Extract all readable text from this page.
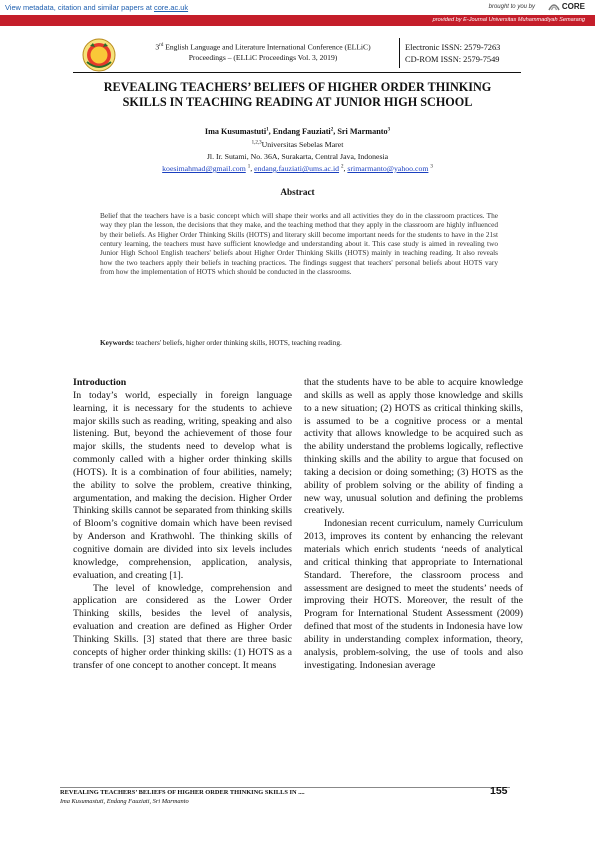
View metadata, citation and similar papers at core.ac.uk	brought to you by	CORE
provided by E-Journal Universitas Muhammadiyah Semarang
3rd English Language and Literature International Conference (ELLiC)
Proceedings – (ELLiC Proceedings Vol. 3, 2019)
Electronic ISSN: 2579-7263
CD-ROM ISSN: 2579-7549
REVEALING TEACHERS’ BELIEFS OF HIGHER ORDER THINKING
SKILLS IN TEACHING READING AT JUNIOR HIGH SCHOOL
Ima Kusumastuti$^1$, Endang Fauziati$^2$, Sri Marmanto$^3$
$^{1,2,3}$Universitas Sebelas Maret
Jl. Ir. Sutami, No. 36A, Surakarta, Central Java, Indonesia
koesimahmad@gmail.com $^1$, endang.fauziati@ums.ac.id $^2$, srimarmanto@yahoo.com $^3$
Abstract
Belief that the teachers have is a basic concept which will shape their works and all activities they do in the classroom practices. The way they plan the lesson, the decisions that they make, and the teaching method that they apply in the classroom are highly influenced by their beliefs. As Higher Order Thinking Skills (HOTS) and literary skill become important needs for the students to have in the 21st century learning, the teachers must have sufficient knowledge and understanding about it. This case study is aimed in revealing two Junior High School English teachers' beliefs about Higher Order Thinking Skills (HOTS) mainly in teaching reading. It also reveals how the two teachers apply their beliefs in teaching practices. The findings suggest that teachers' personal beliefs about HOTS vary from how the implementation of HOTS which should be conducted in the classrooms.
Keywords: teachers' beliefs, higher order thinking skills, HOTS, teaching reading.
Introduction

In today’s world, especially in foreign language learning, it is necessary for the students to achieve major skills such as reading, writing, speaking and also listening. But, beyond the achievement of those four major skills, the students need to develop what is commonly called with a higher order thinking skills (HOTS). It is a combination of four abilities, namely; the ability to solve the problem, creative thinking, argumentation, and making the decision. Higher Order Thinking skills cannot be separated from thinking skills of Bloom’s cognitive domain which have been revised by Anderson and Krathwohl. The thinking skills of cognitive domain are divided into six levels includes knowledge, comprehension, application, analysis, evaluation, and creating [1].

The level of knowledge, comprehension and application are considered as the Lower Order Thinking skills, besides the level of analysis, evaluation and creation are defined as Higher Order Thinking Skills. [3] stated that there are three basic concepts of higher order thinking skills: (1) HOTS as a transfer of one concept to another concept. It means

that the students have to be able to acquire knowledge and skills as well as apply those knowledge and skills to a new situation; (2) HOTS as critical thinking skills, is assumed to be a cognitive process or a mental activity that allows knowledge to be acquired such as the ability understand the problems logically, reflective thinking skills and the ability to argue that focused on taking a decision or doing something; (3) HOTS as the ability of problem solving or the ability of finding a new way, unusual solution and defining the problems creatively.

Indonesian recent curriculum, namely Curriculum 2013, improves its content by enhancing the relevant materials which enrich students ‘needs of analytical and critical thinking that appropriate to International Standard. Therefore, the classroom process and assessment are designed to meet the students’ needs of improving their HOTS. Moreover, the result of the Program for International Student Assessment (2009) defined that most of the students in Indonesia have low ability in understanding complex information, theory, analysis, problem-solving, the use of tools and also investigating. Indonesian average

REVEALING TEACHERS’ BELIEFS OF HIGHER ORDER THINKING SKILLS IN ....
Ima Kusumastuti, Endang Fauziati, Sri Marmanto
155
